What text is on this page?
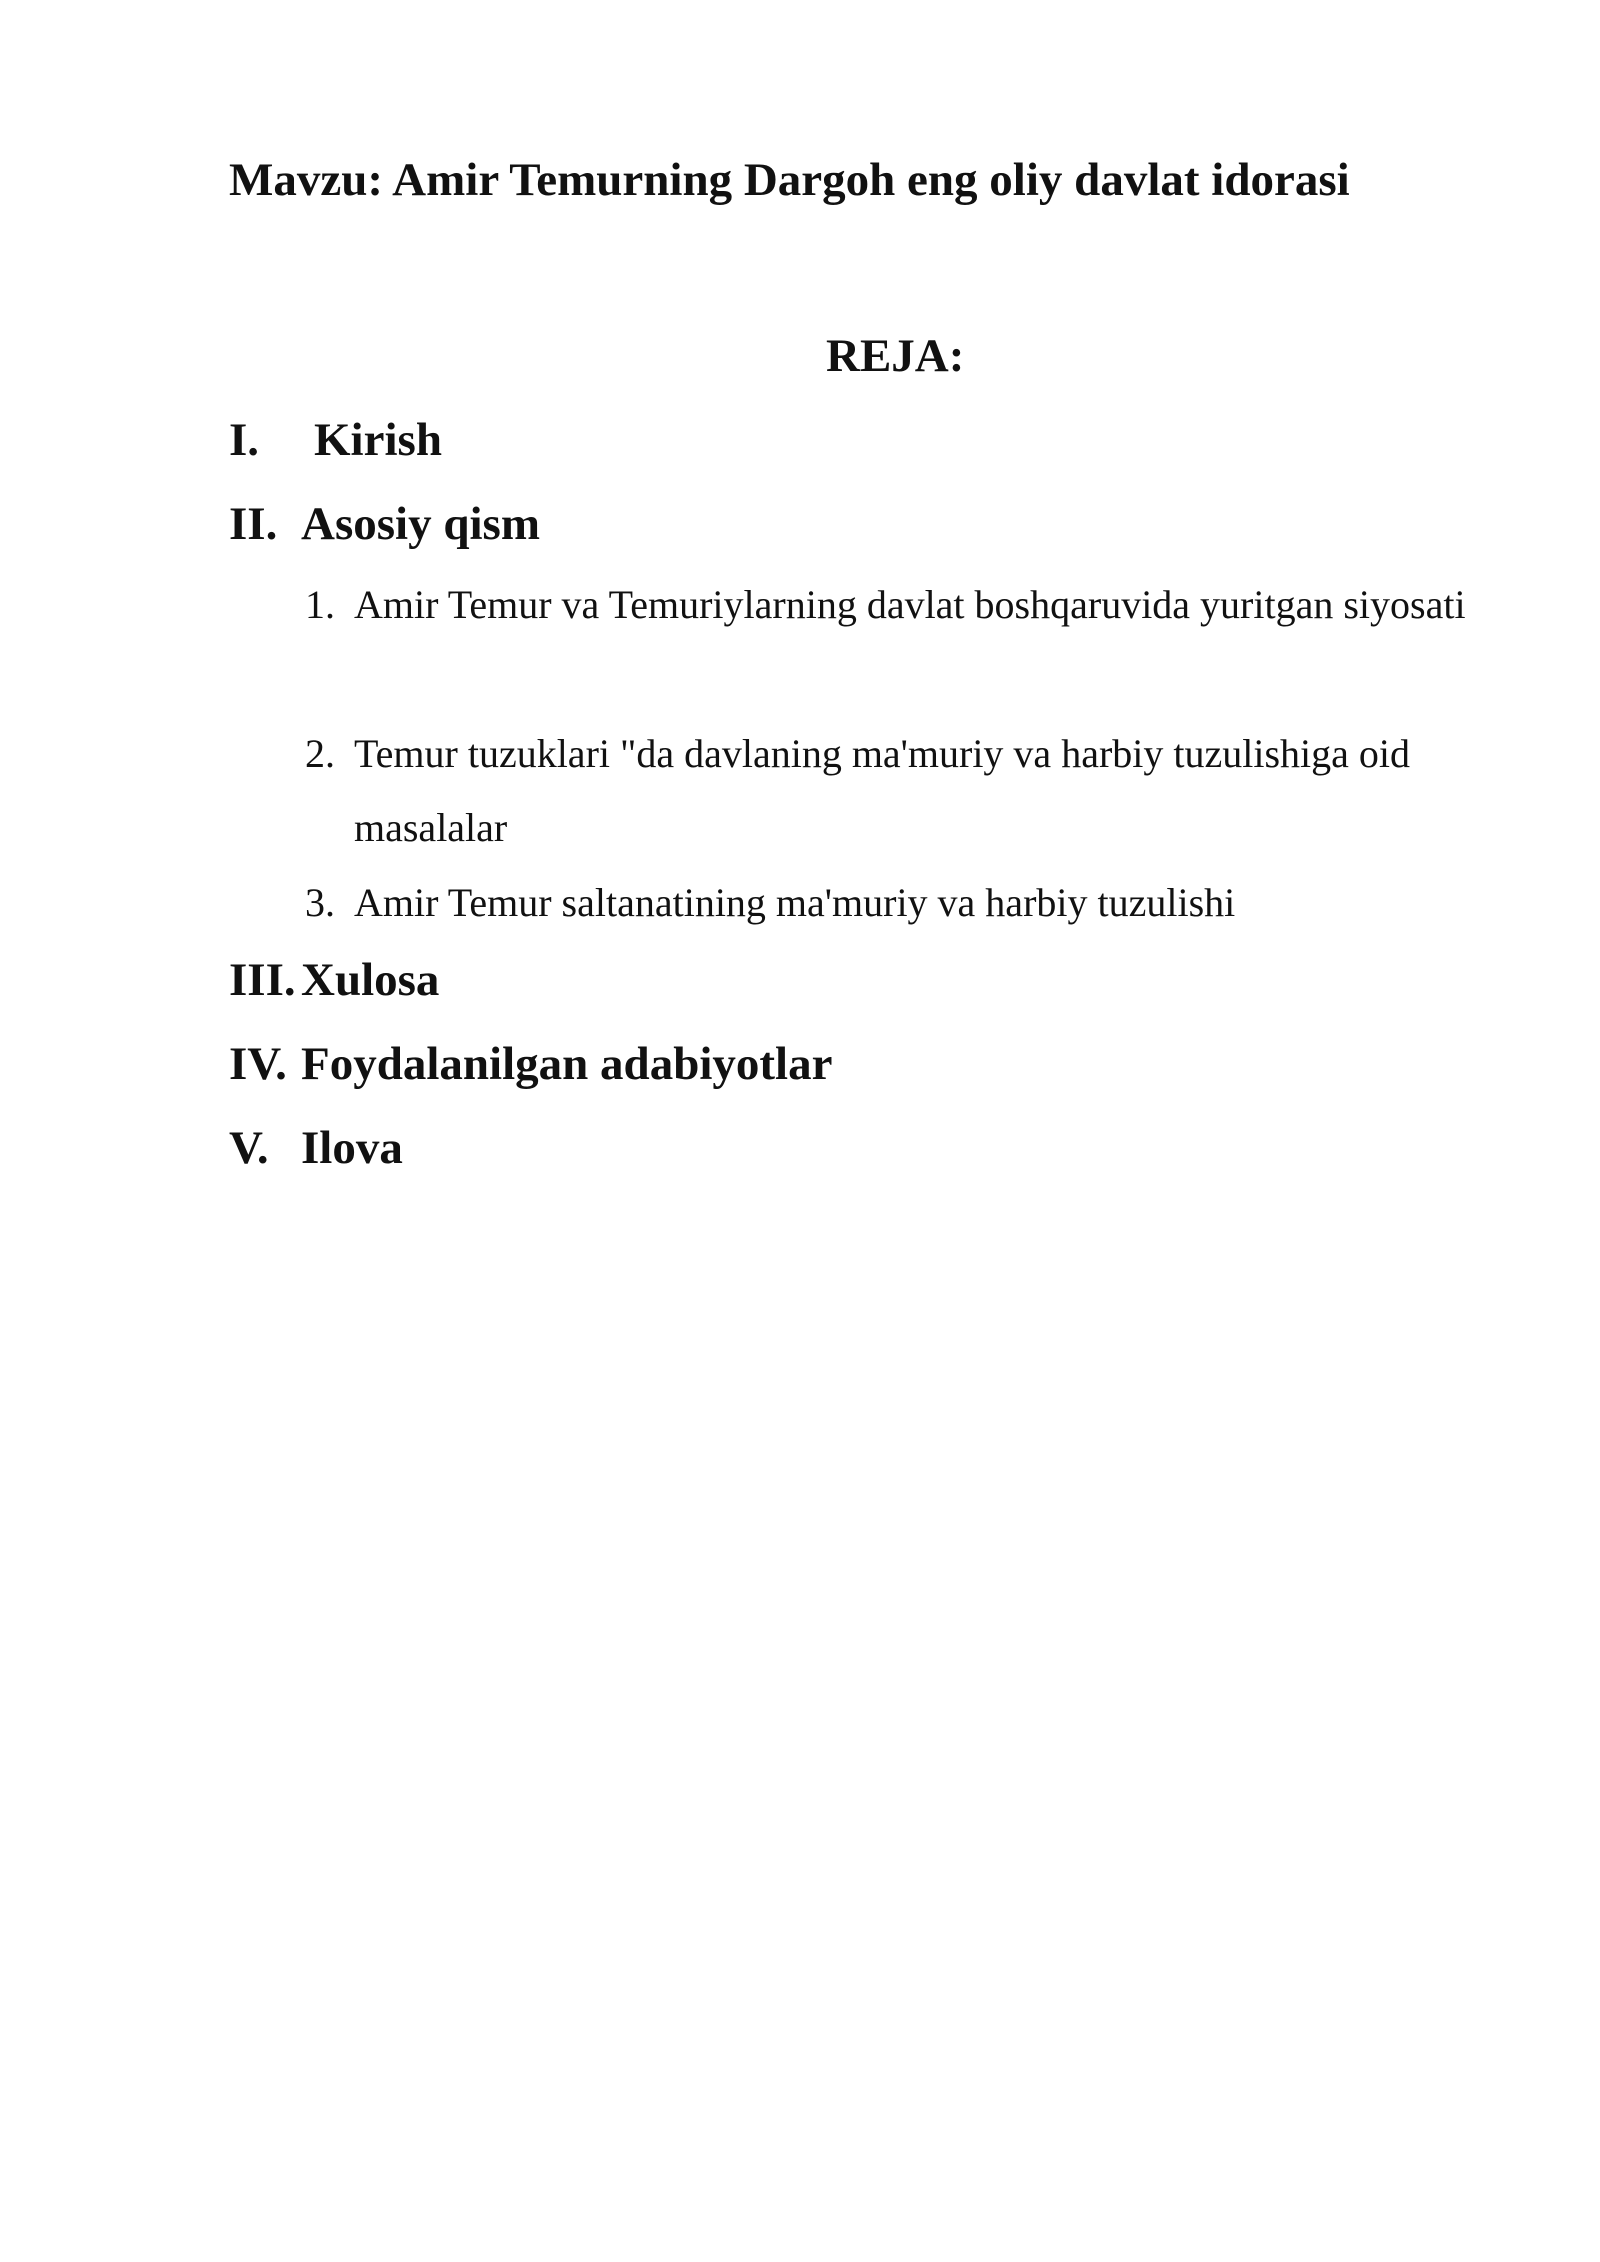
Mavzu: Amir Temurning Dargoh eng oliy davlat idorasi
REJA:
I. Kirish
II. Asosiy qism
1. Amir Temur va Temuriylarning davlat boshqaruvida yuritgan siyosati
2. Temur tuzuklari "da davlaning ma'muriy va harbiy tuzulishiga oid masalalar
3. Amir Temur saltanatining ma'muriy va harbiy tuzulishi
III. Xulosa
IV. Foydalanilgan adabiyotlar
V. Ilova
